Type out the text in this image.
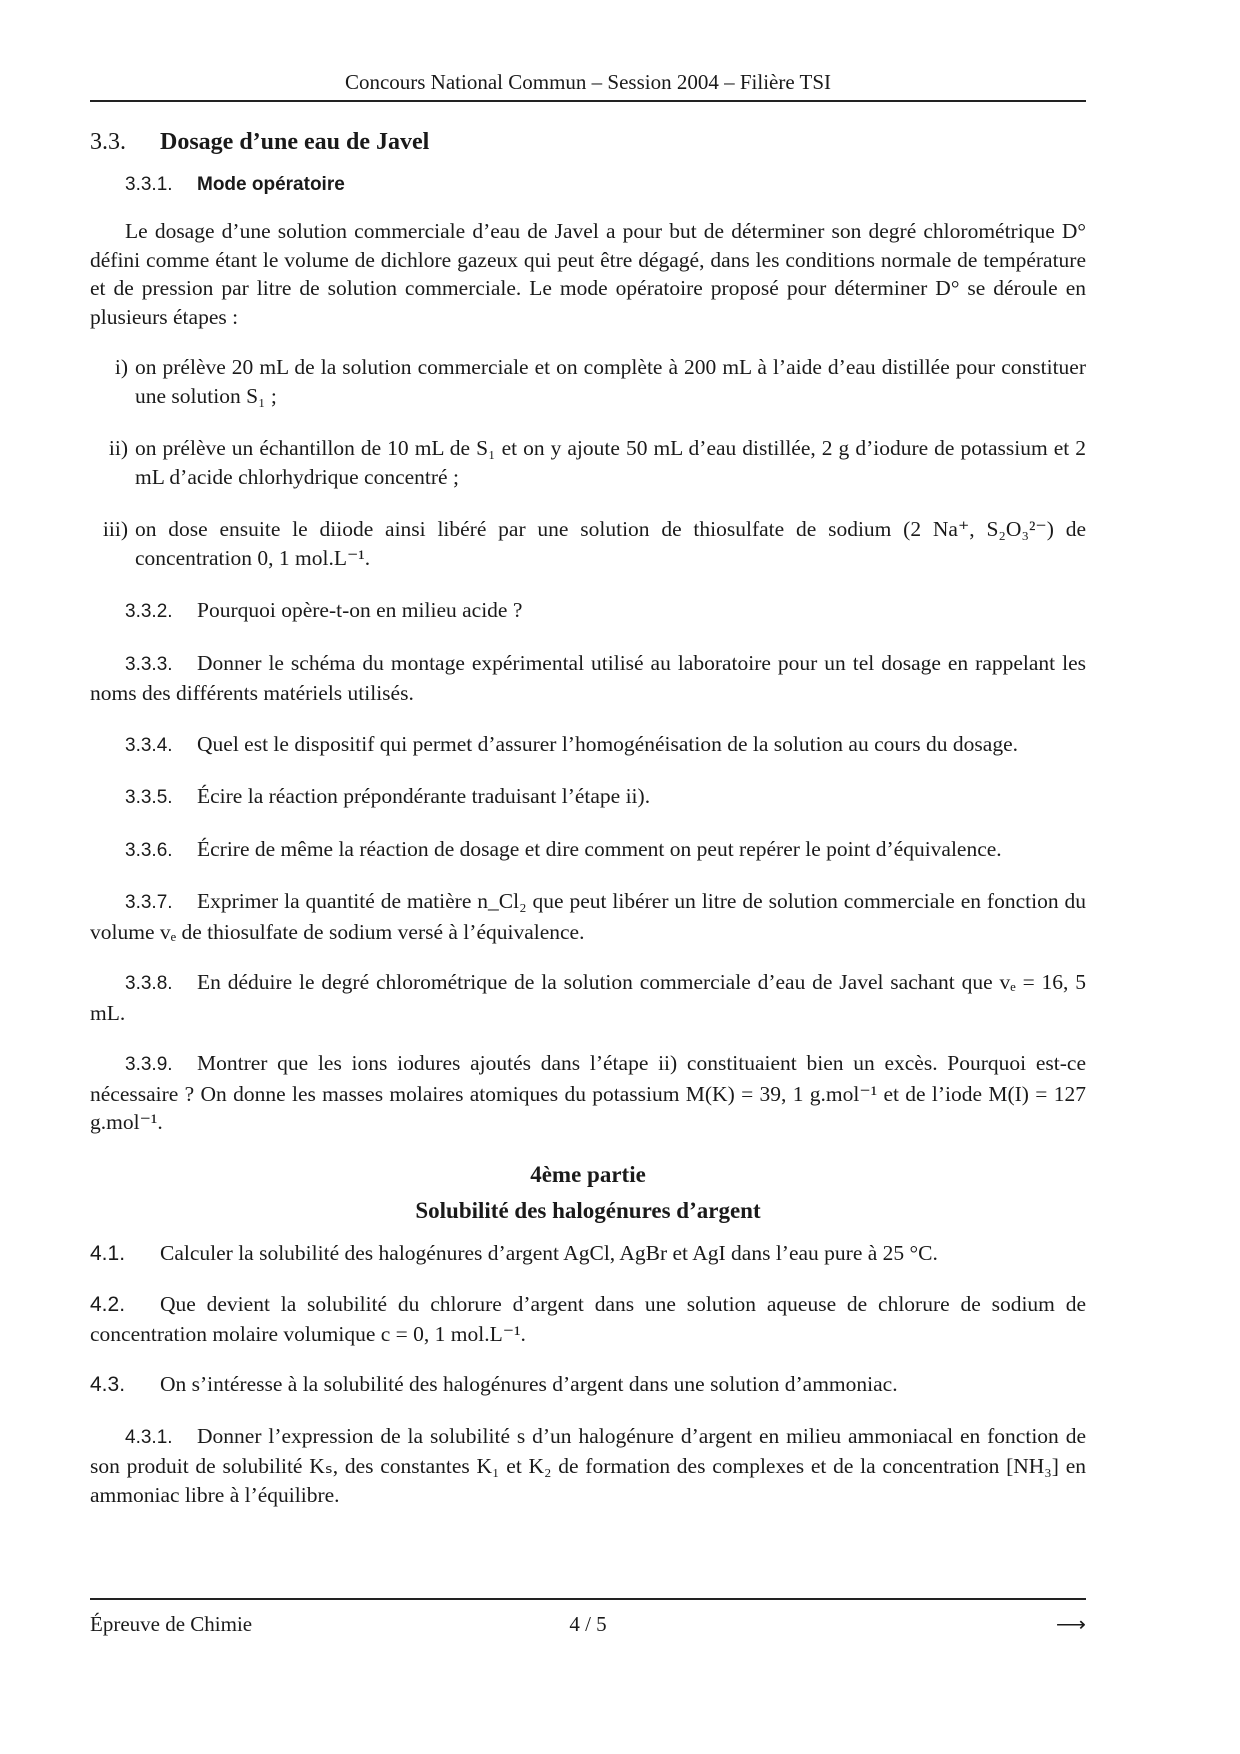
Concours National Commun – Session 2004 – Filière TSI
3.3. Dosage d’une eau de Javel
3.3.1. Mode opératoire

Le dosage d’une solution commerciale d’eau de Javel a pour but de déterminer son degré chlorométrique D° défini comme étant le volume de dichlore gazeux qui peut être dégagé, dans les conditions normale de température et de pression par litre de solution commerciale. Le mode opératoire proposé pour déterminer D° se déroule en plusieurs étapes :

i) on prélève 20 mL de la solution commerciale et on complète à 200 mL à l’aide d’eau distillée pour constituer une solution S₁ ;
ii) on prélève un échantillon de 10 mL de S₁ et on y ajoute 50 mL d’eau distillée, 2 g d’iodure de potassium et 2 mL d’acide chlorhydrique concentré ;
iii) on dose ensuite le diiode ainsi libéré par une solution de thiosulfate de sodium (2 Na⁺, S₂O₃²⁻) de concentration 0, 1 mol.L⁻¹.

3.3.2. Pourquoi opère-t-on en milieu acide ?

3.3.3. Donner le schéma du montage expérimental utilisé au laboratoire pour un tel dosage en rappelant les noms des différents matériels utilisés.

3.3.4. Quel est le dispositif qui permet d’assurer l’homogénéisation de la solution au cours du dosage.

3.3.5. Écire la réaction prépondérante traduisant l’étape ii).

3.3.6. Écrire de même la réaction de dosage et dire comment on peut repérer le point d’équivalence.

3.3.7. Exprimer la quantité de matière n_Cl₂ que peut libérer un litre de solution commerciale en fonction du volume vₑ de thiosulfate de sodium versé à l’équivalence.

3.3.8. En déduire le degré chlorométrique de la solution commerciale d’eau de Javel sachant que vₑ = 16, 5 mL.

3.3.9. Montrer que les ions iodures ajoutés dans l’étape ii) constituaient bien un excès. Pourquoi est-ce nécessaire ? On donne les masses molaires atomiques du potassium M(K) = 39, 1 g.mol⁻¹ et de l’iode M(I) = 127 g.mol⁻¹.

4ème partie
Solubilité des halogénures d’argent

4.1. Calculer la solubilité des halogénures d’argent AgCl, AgBr et AgI dans l’eau pure à 25 °C.

4.2. Que devient la solubilité du chlorure d’argent dans une solution aqueuse de chlorure de sodium de concentration molaire volumique c = 0, 1 mol.L⁻¹.

4.3. On s’intéresse à la solubilité des halogénures d’argent dans une solution d’ammoniac.

4.3.1. Donner l’expression de la solubilité s d’un halogénure d’argent en milieu ammoniacal en fonction de son produit de solubilité Kₛ, des constantes K₁ et K₂ de formation des complexes et de la concentration [NH₃] en ammoniac libre à l’équilibre.

Épreuve de Chimie	4 / 5	⟶
